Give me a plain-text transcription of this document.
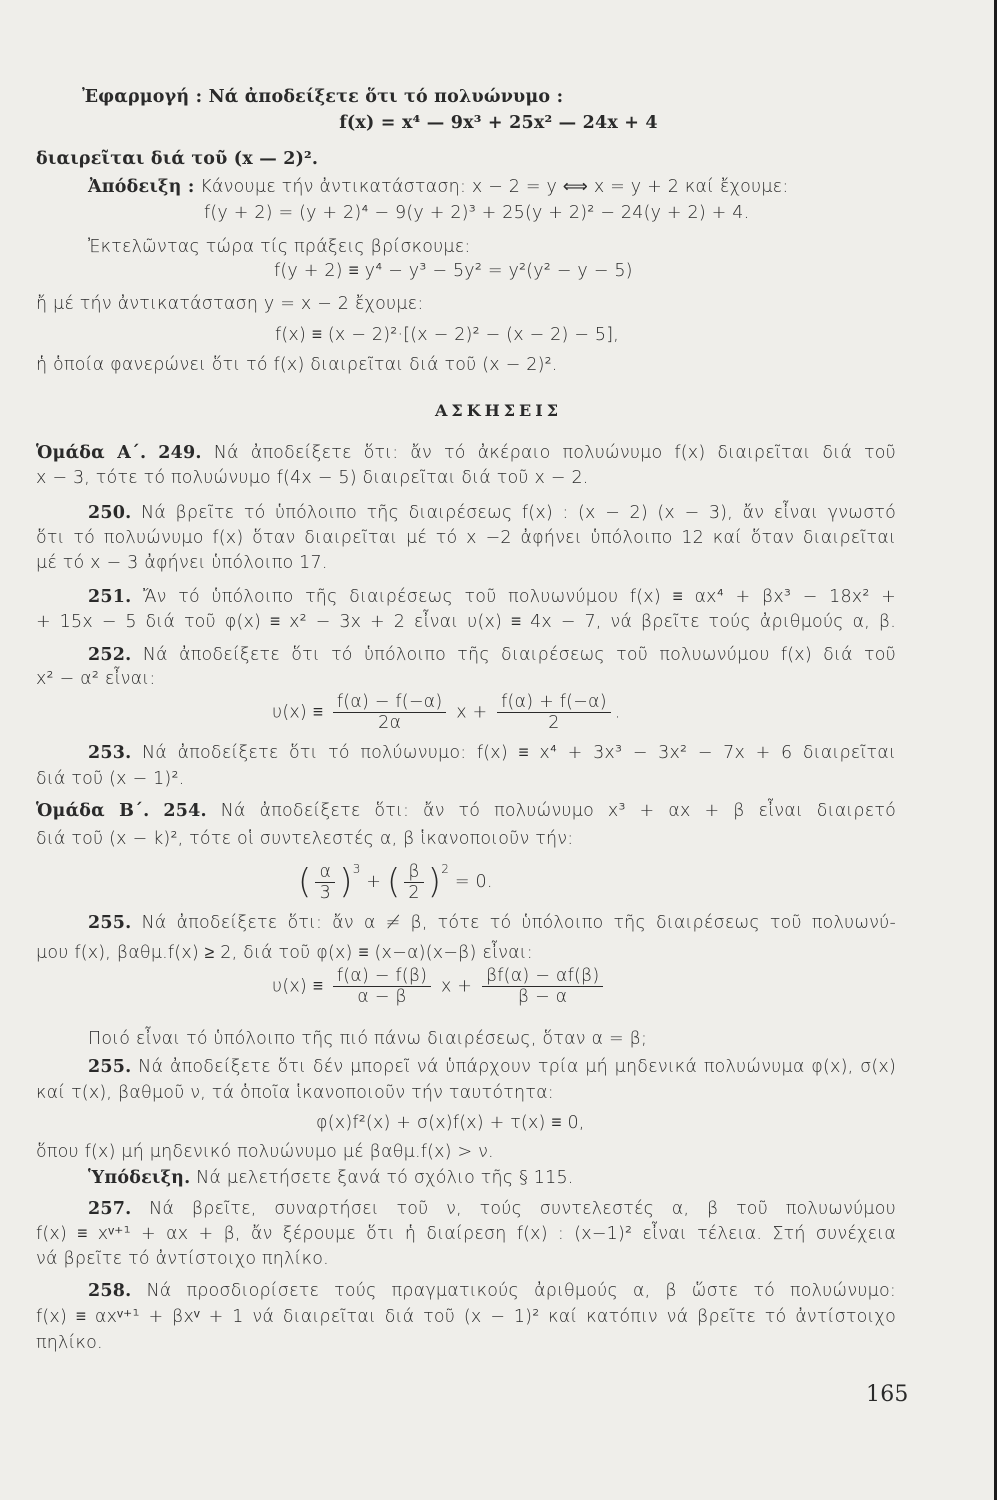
Ἐφαρμογή : Νά ἀποδείξετε ὅτι τό πολυώνυμο :
f(x) = x⁴ — 9x³ + 25x² — 24x + 4
διαιρεῖται διά τοῦ (x — 2)².
Ἀπόδειξη : Κάνουμε τήν ἀντικατάσταση: x − 2 = y ⟺ x = y + 2 καί ἔχουμε:
f(y + 2) = (y + 2)⁴ − 9(y + 2)³ + 25(y + 2)² − 24(y + 2) + 4.
Ἐκτελῶντας τώρα τίς πράξεις βρίσκουμε:
f(y + 2) ≡ y⁴ − y³ − 5y² = y²(y² − y − 5)
ἤ μέ τήν ἀντικατάσταση y = x − 2 ἔχουμε:
f(x) ≡ (x − 2)²·[(x − 2)² − (x − 2) − 5],
ἡ ὁποία φανερώνει ὅτι τό f(x) διαιρεῖται διά τοῦ (x − 2)².
ΑΣΚΗΣΕΙΣ
Ὁμάδα Α΄. 249. Νά ἀποδείξετε ὅτι: ἄν τό ἀκέραιο πολυώνυμο f(x) διαιρεῖται διά τοῦ
x − 3, τότε τό πολυώνυμο f(4x − 5) διαιρεῖται διά τοῦ x − 2.
250. Νά βρεῖτε τό ὑπόλοιπο τῆς διαιρέσεως f(x) : (x − 2) (x − 3), ἄν εἶναι γνωστό
ὅτι τό πολυώνυμο f(x) ὅταν διαιρεῖται μέ τό x −2 ἀφήνει ὑπόλοιπο 12 καί ὅταν διαιρεῖται
μέ τό x − 3 ἀφήνει ὑπόλοιπο 17.
251. Ἄν τό ὑπόλοιπο τῆς διαιρέσεως τοῦ πολυωνύμου f(x) ≡ αx⁴ + βx³ − 18x² +
+ 15x − 5 διά τοῦ φ(x) ≡ x² − 3x + 2 εἶναι υ(x) ≡ 4x − 7, νά βρεῖτε τούς ἀριθμούς α, β.
252. Νά ἀποδείξετε ὅτι τό ὑπόλοιπο τῆς διαιρέσεως τοῦ πολυωνύμου f(x) διά τοῦ
x² − α² εἶναι:
$\upsilon(x) \equiv \frac{f(\alpha) - f(-\alpha)}{2\alpha}$ $x + \frac{f(\alpha) + f(-\alpha)}{2}$ .
253. Νά ἀποδείξετε ὅτι τό πολύωνυμο: f(x) ≡ x⁴ + 3x³ − 3x² − 7x + 6 διαιρεῖται
διά τοῦ (x − 1)².
Ὁμάδα Β΄. 254. Νά ἀποδείξετε ὅτι: ἄν τό πολυώνυμο x³ + αx + β εἶναι διαιρετό
διά τοῦ (x − k)², τότε οἱ συντελεστές α, β ἱκανοποιοῦν τήν:
( $\frac{\alpha}{3} )^3$ + ( $\frac{\beta}{2} )^2 = 0$.
255. Νά ἀποδείξετε ὅτι: ἄν α ≠ β, τότε τό ὑπόλοιπο τῆς διαιρέσεως τοῦ πολυωνύ-
μου f(x), βαθμ.f(x) ≥ 2, διά τοῦ φ(x) ≡ (x−α)(x−β) εἶναι:
$\upsilon(x) \equiv \frac{f(\alpha) - f(\beta)}{\alpha - \beta}$ $x + \frac{\beta f(\alpha) - \alpha f(\beta)}{\beta - \alpha}$
Ποιό εἶναι τό ὑπόλοιπο τῆς πιό πάνω διαιρέσεως, ὅταν α = β;
255. Νά ἀποδείξετε ὅτι δέν μπορεῖ νά ὑπάρχουν τρία μή μηδενικά πολυώνυμα φ(x), σ(x)
καί τ(x), βαθμοῦ ν, τά ὁποῖα ἱκανοποιοῦν τήν ταυτότητα:
φ(x)f²(x) + σ(x)f(x) + τ(x) ≡ 0,
ὅπου f(x) μή μηδενικό πολυώνυμο μέ βαθμ.f(x) > ν.
Ὑπόδειξη. Νά μελετήσετε ξανά τό σχόλιο τῆς § 115.
257. Νά βρεῖτε, συναρτήσει τοῦ ν, τούς συντελεστές α, β τοῦ πολυωνύμου
f(x) ≡ xᵛ⁺¹ + αx + β, ἄν ξέρουμε ὅτι ἡ διαίρεση f(x) : (x−1)² εἶναι τέλεια. Στή συνέχεια
νά βρεῖτε τό ἀντίστοιχο πηλίκο.
258. Νά προσδιορίσετε τούς πραγματικούς ἀριθμούς α, β ὥστε τό πολυώνυμο:
f(x) ≡ αxᵛ⁺¹ + βxᵛ + 1 νά διαιρεῖται διά τοῦ (x − 1)² καί κατόπιν νά βρεῖτε τό ἀντίστοιχο
πηλίκο.
165
